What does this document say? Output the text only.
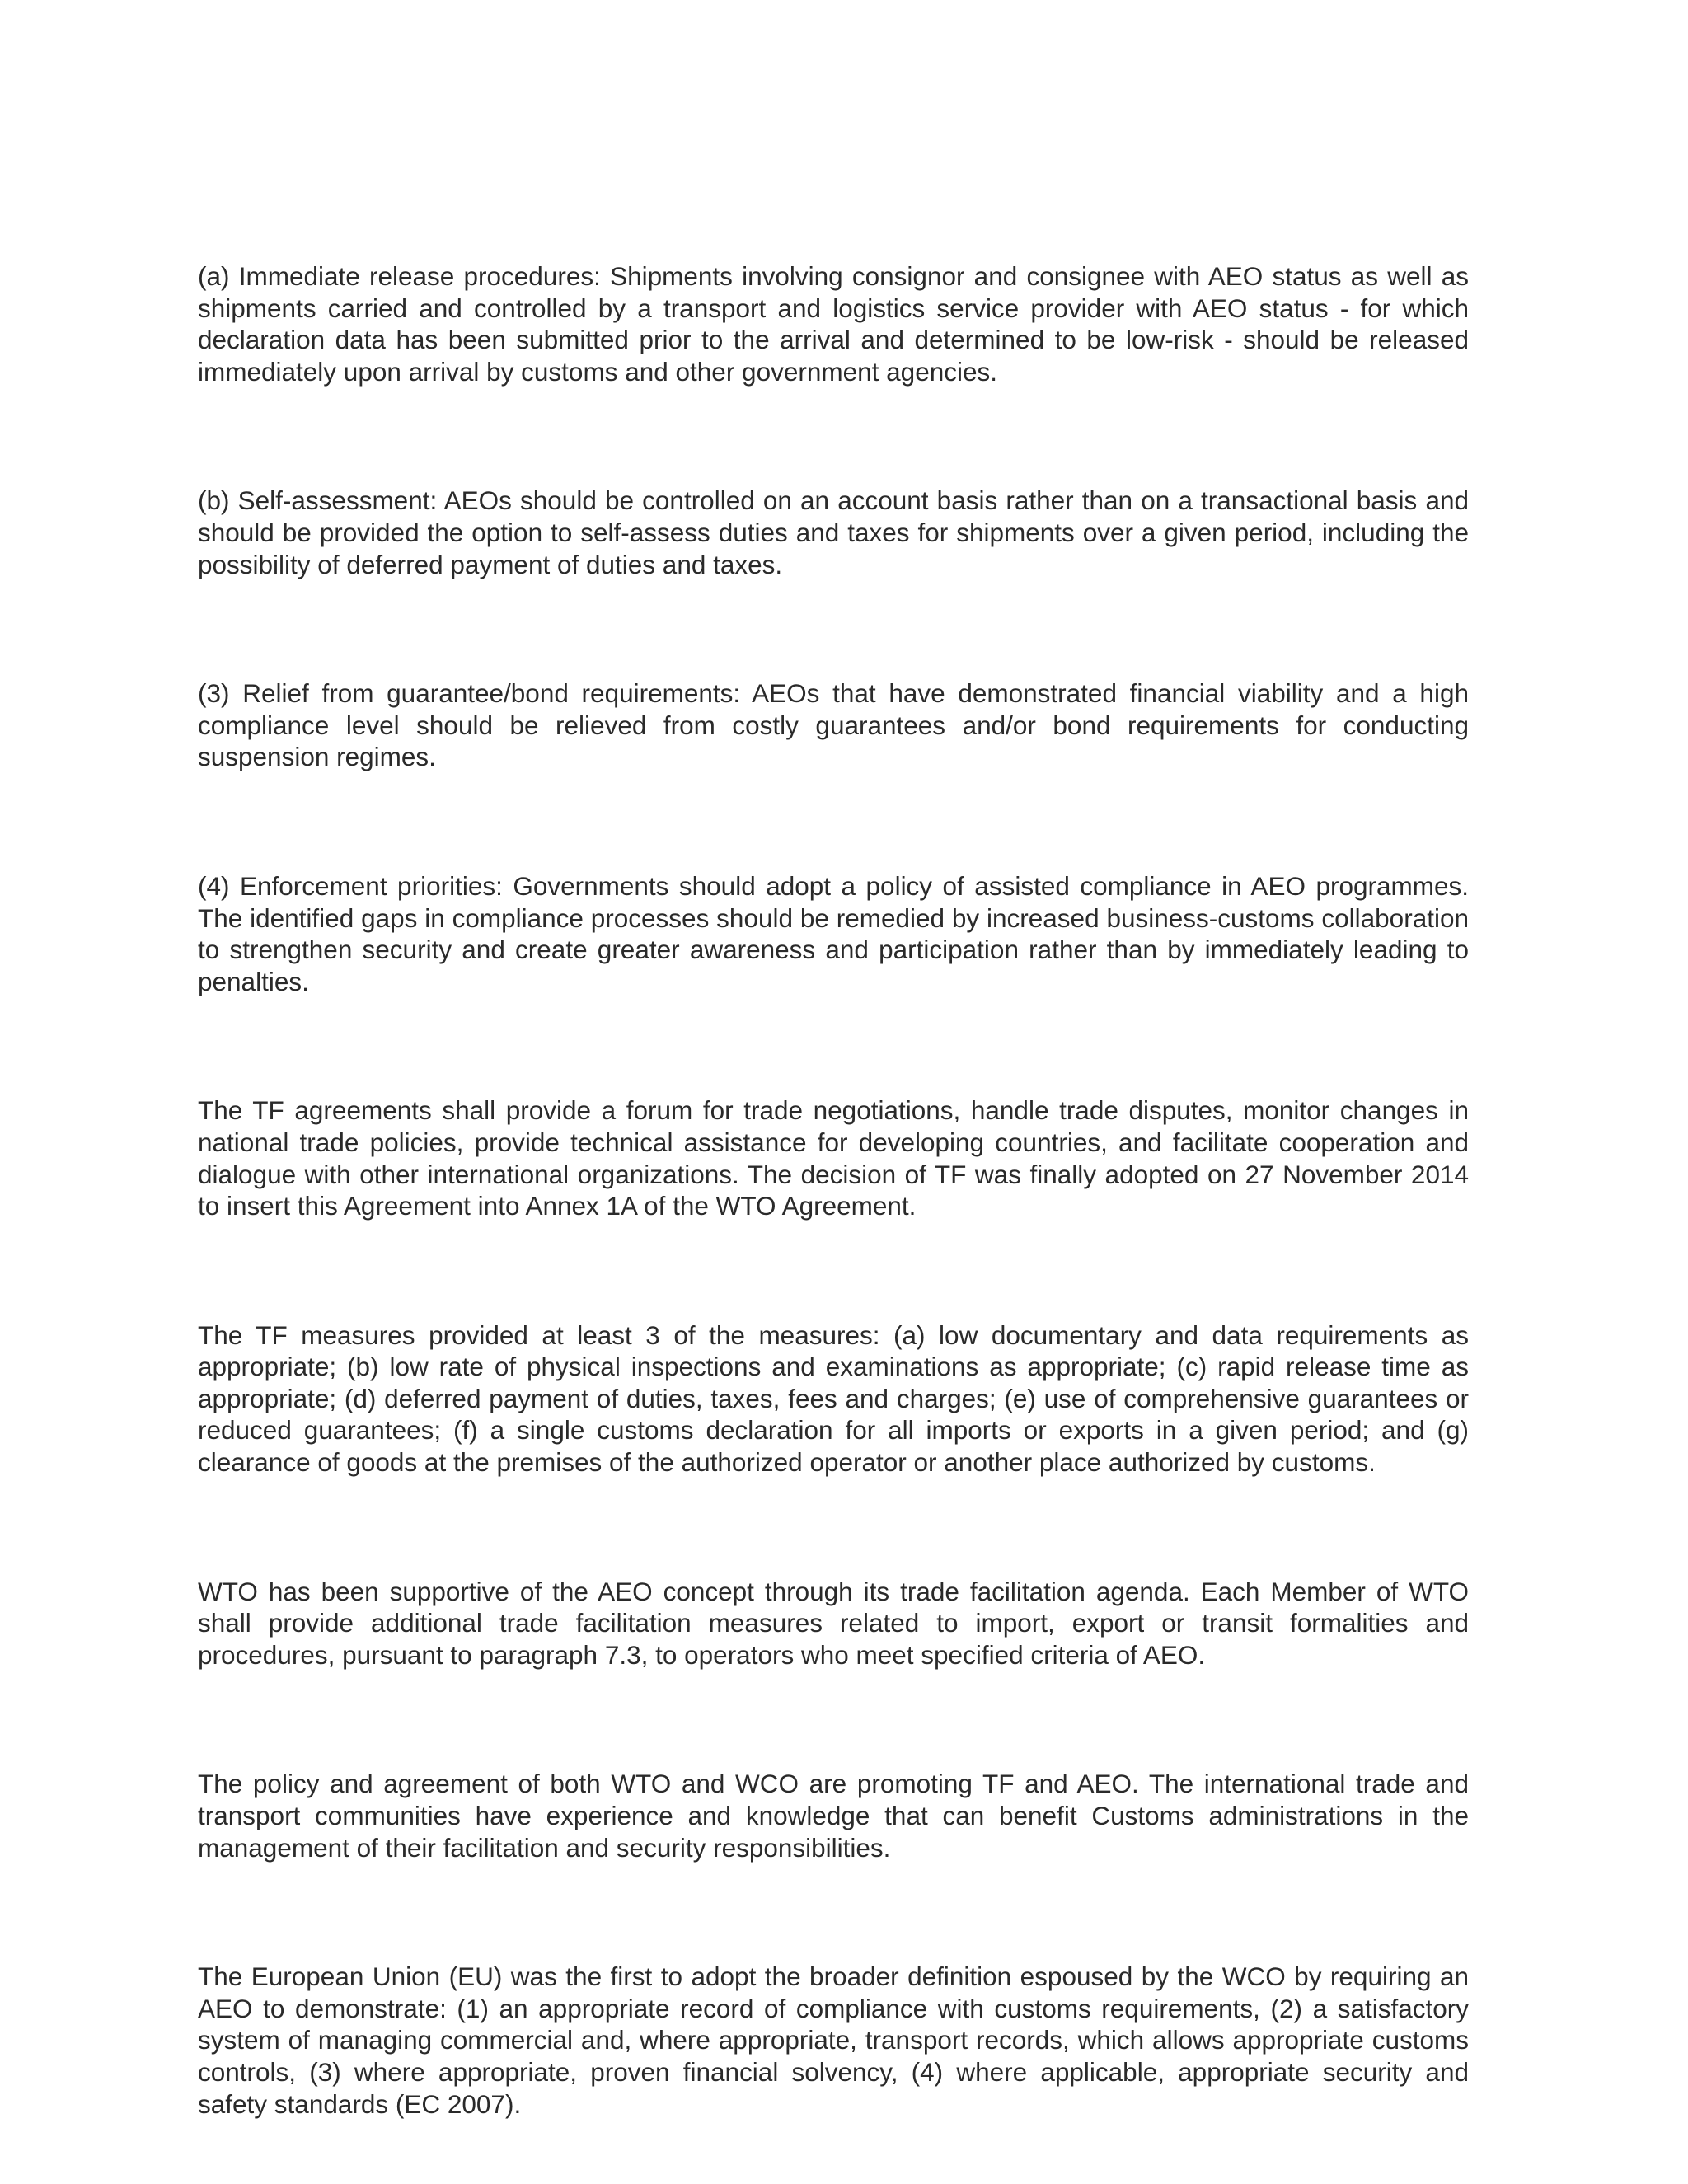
(a) Immediate release procedures: Shipments involving consignor and consignee with AEO status as well as shipments carried and controlled by a transport and logistics service provider with AEO status - for which declaration data has been submitted prior to the arrival and determined to be low-risk - should be released immediately upon arrival by customs and other government agencies.

(b) Self-assessment: AEOs should be controlled on an account basis rather than on a transactional basis and should be provided the option to self-assess duties and taxes for shipments over a given period, including the possibility of deferred payment of duties and taxes.

(3) Relief from guarantee/bond requirements: AEOs that have demonstrated financial viability and a high compliance level should be relieved from costly guarantees and/or bond requirements for conducting suspension regimes.

(4) Enforcement priorities: Governments should adopt a policy of assisted compliance in AEO programmes. The identified gaps in compliance processes should be remedied by increased business-customs collaboration to strengthen security and create greater awareness and participation rather than by immediately leading to penalties.

The TF agreements shall provide a forum for trade negotiations, handle trade disputes, monitor changes in national trade policies, provide technical assistance for developing countries, and facilitate cooperation and dialogue with other international organizations. The decision of TF was finally adopted on 27 November 2014 to insert this Agreement into Annex 1A of the WTO Agreement.

The TF measures provided at least 3 of the measures: (a) low documentary and data requirements as appropriate; (b) low rate of physical inspections and examinations as appropriate; (c) rapid release time as appropriate; (d) deferred payment of duties, taxes, fees and charges; (e) use of comprehensive guarantees or reduced guarantees; (f) a single customs declaration for all imports or exports in a given period; and (g) clearance of goods at the premises of the authorized operator or another place authorized by customs.

WTO has been supportive of the AEO concept through its trade facilitation agenda. Each Member of WTO shall provide additional trade facilitation measures related to import, export or transit formalities and procedures, pursuant to paragraph 7.3, to operators who meet specified criteria of AEO.

The policy and agreement of both WTO and WCO are promoting TF and AEO. The international trade and transport communities have experience and knowledge that can benefit Customs administrations in the management of their facilitation and security responsibilities.

The European Union (EU) was the first to adopt the broader definition espoused by the WCO by requiring an AEO to demonstrate: (1) an appropriate record of compliance with customs requirements, (2) a satisfactory system of managing commercial and, where appropriate, transport records, which allows appropriate customs controls, (3) where appropriate, proven financial solvency, (4) where applicable, appropriate security and safety standards (EC 2007).
